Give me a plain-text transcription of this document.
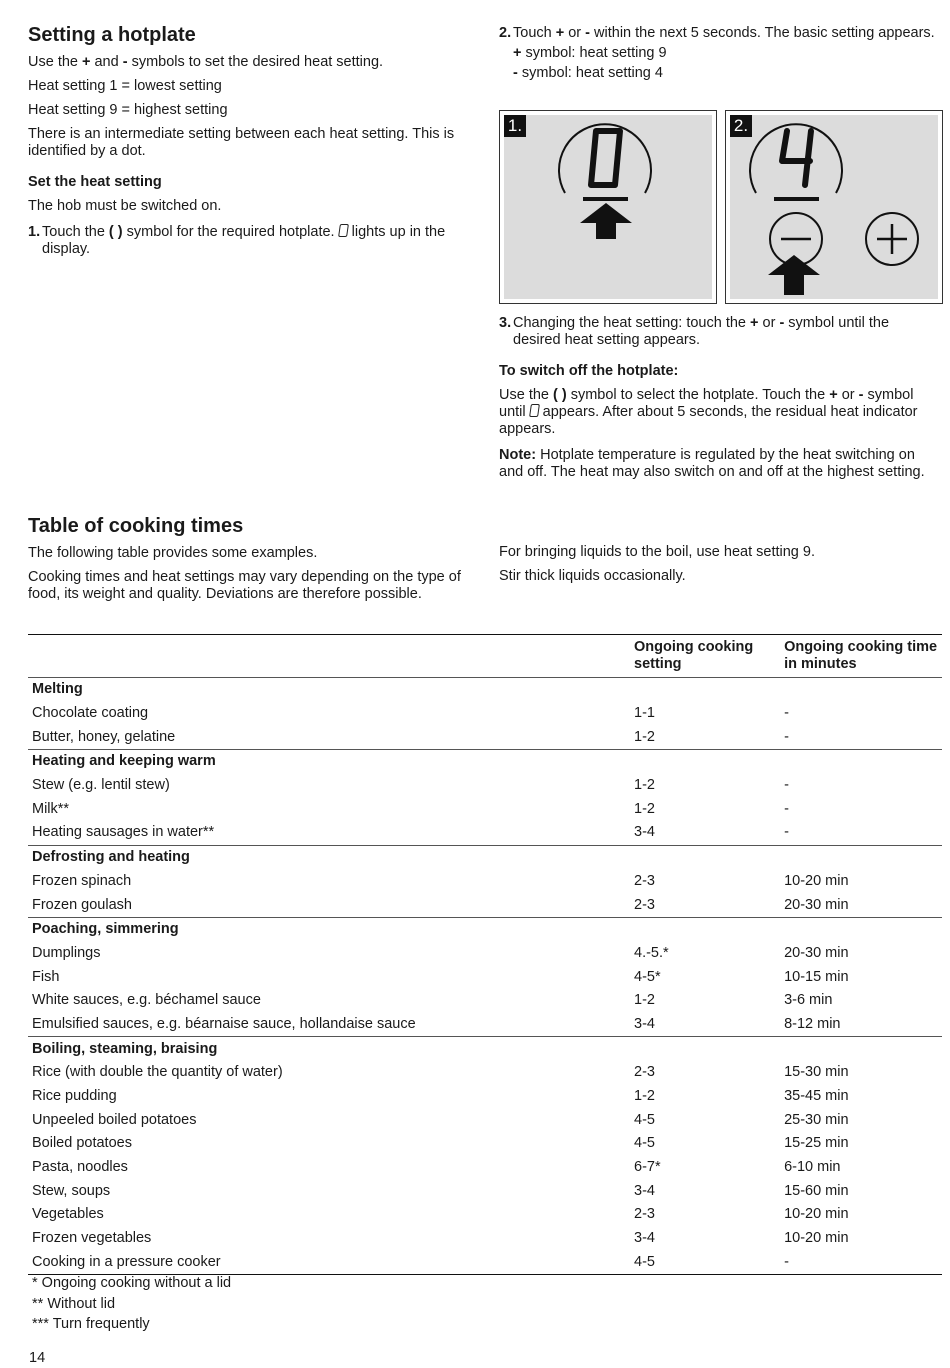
Setting a hotplate

Use the + and - symbols to set the desired heat setting.

Heat setting 1 = lowest setting

Heat setting 9 = highest setting

There is an intermediate setting between each heat setting. This is identified by a dot.

Set the heat setting

The hob must be switched on.

1. Touch the ( ) symbol for the required hotplate.  lights up in the display.
2. Touch + or - within the next 5 seconds. The basic setting appears.

+ symbol: heat setting 9

- symbol: heat setting 4

1.	2.
3. Changing the heat setting: touch the + or - symbol until the desired heat setting appears.

To switch off the hotplate:

Use the ( ) symbol to select the hotplate. Touch the + or - symbol until  appears. After about 5 seconds, the residual heat indicator appears.

Note: Hotplate temperature is regulated by the heat switching on and off. The heat may also switch on and off at the highest setting.

Table of cooking times

The following table provides some examples.

Cooking times and heat settings may vary depending on the type of food, its weight and quality. Deviations are therefore possible.

For bringing liquids to the boil, use heat setting 9.

Stir thick liquids occasionally.

	Ongoing cooking setting	Ongoing cooking time in minutes
Melting		
Chocolate coating	1-1	-
Butter, honey, gelatine	1-2	-
Heating and keeping warm		
Stew (e.g. lentil stew)	1-2	-
Milk**	1-2	-
Heating sausages in water**	3-4	-
Defrosting and heating		
Frozen spinach	2-3	10-20 min
Frozen goulash	2-3	20-30 min
Poaching, simmering		
Dumplings	4.-5.*	20-30 min
Fish	4-5*	10-15 min
White sauces, e.g. béchamel sauce	1-2	3-6 min
Emulsified sauces, e.g. béarnaise sauce, hollandaise sauce	3-4	8-12 min
Boiling, steaming, braising		
Rice (with double the quantity of water)	2-3	15-30 min
Rice pudding	1-2	35-45 min
Unpeeled boiled potatoes	4-5	25-30 min
Boiled potatoes	4-5	15-25 min
Pasta, noodles	6-7*	6-10 min
Stew, soups	3-4	15-60 min
Vegetables	2-3	10-20 min
Frozen vegetables	3-4	10-20 min
Cooking in a pressure cooker	4-5	-

* Ongoing cooking without a lid

** Without lid

*** Turn frequently

14
